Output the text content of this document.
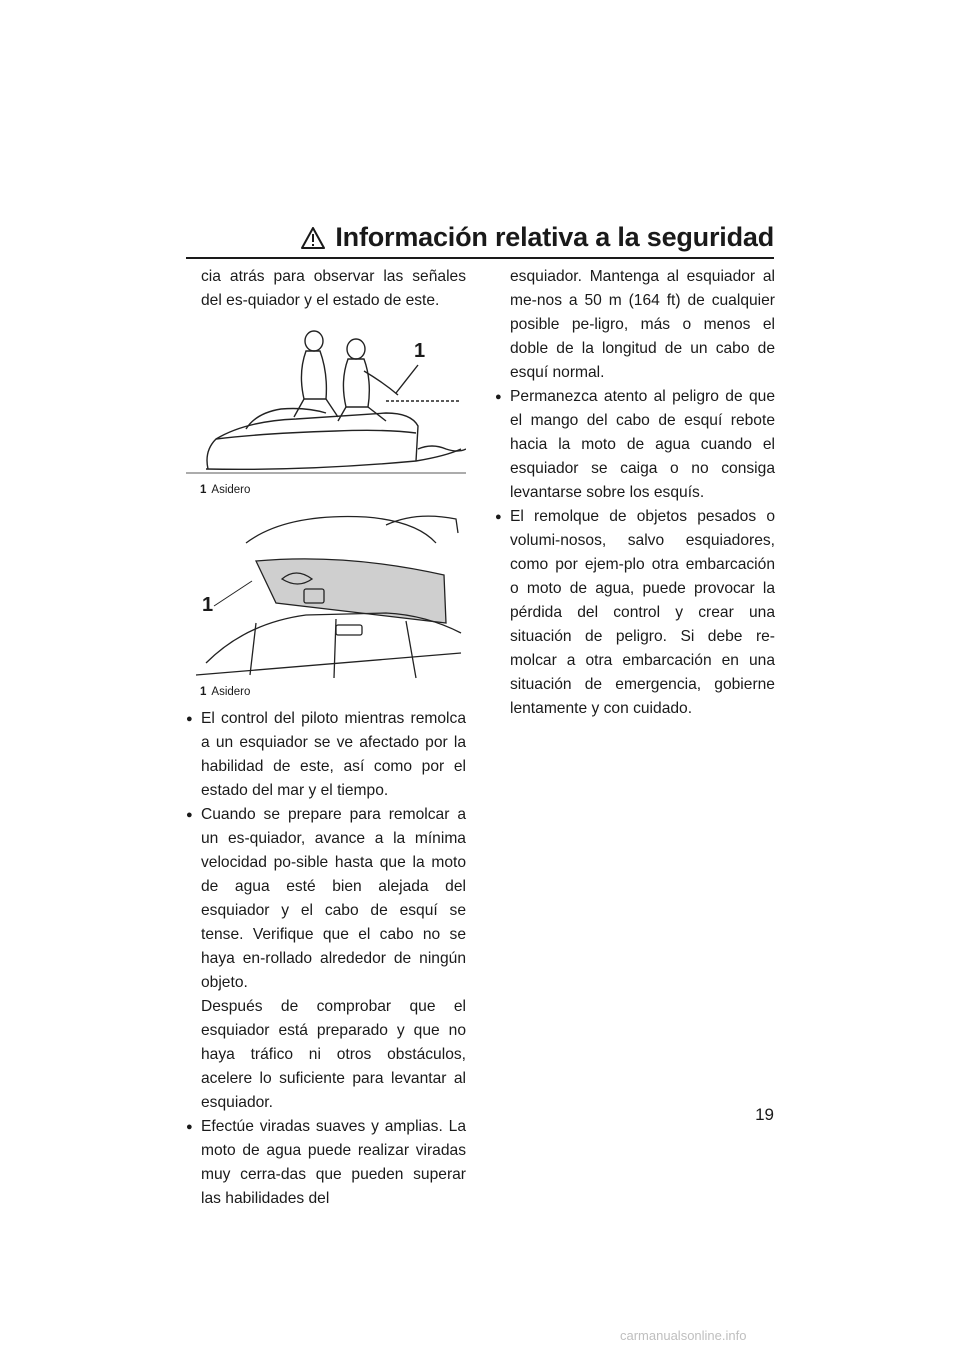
Información relativa a la seguridad

cia atrás para observar las señales del es-quiador y el estado de este.

1
1 Asidero
1
1 Asidero

● El control del piloto mientras remolca a un esquiador se ve afectado por la habilidad de este, así como por el estado del mar y el tiempo.

● Cuando se prepare para remolcar a un es-quiador, avance a la mínima velocidad po-sible hasta que la moto de agua esté bien alejada del esquiador y el cabo de esquí se tense. Verifique que el cabo no se haya en-rollado alrededor de ningún objeto.

Después de comprobar que el esquiador está preparado y que no haya tráfico ni otros obstáculos, acelere lo suficiente para levantar al esquiador.

● Efectúe viradas suaves y amplias. La moto de agua puede realizar viradas muy cerra-das que pueden superar las habilidades del

esquiador. Mantenga al esquiador al me-nos a 50 m (164 ft) de cualquier posible pe-ligro, más o menos el doble de la longitud de un cabo de esquí normal.

● Permanezca atento al peligro de que el mango del cabo de esquí rebote hacia la moto de agua cuando el esquiador se caiga o no consiga levantarse sobre los esquís.

● El remolque de objetos pesados o volumi-nosos, salvo esquiadores, como por ejem-plo otra embarcación o moto de agua, puede provocar la pérdida del control y crear una situación de peligro. Si debe re-molcar a otra embarcación en una situación de emergencia, gobierne lentamente y con cuidado.

19
carmanualsonline.info
